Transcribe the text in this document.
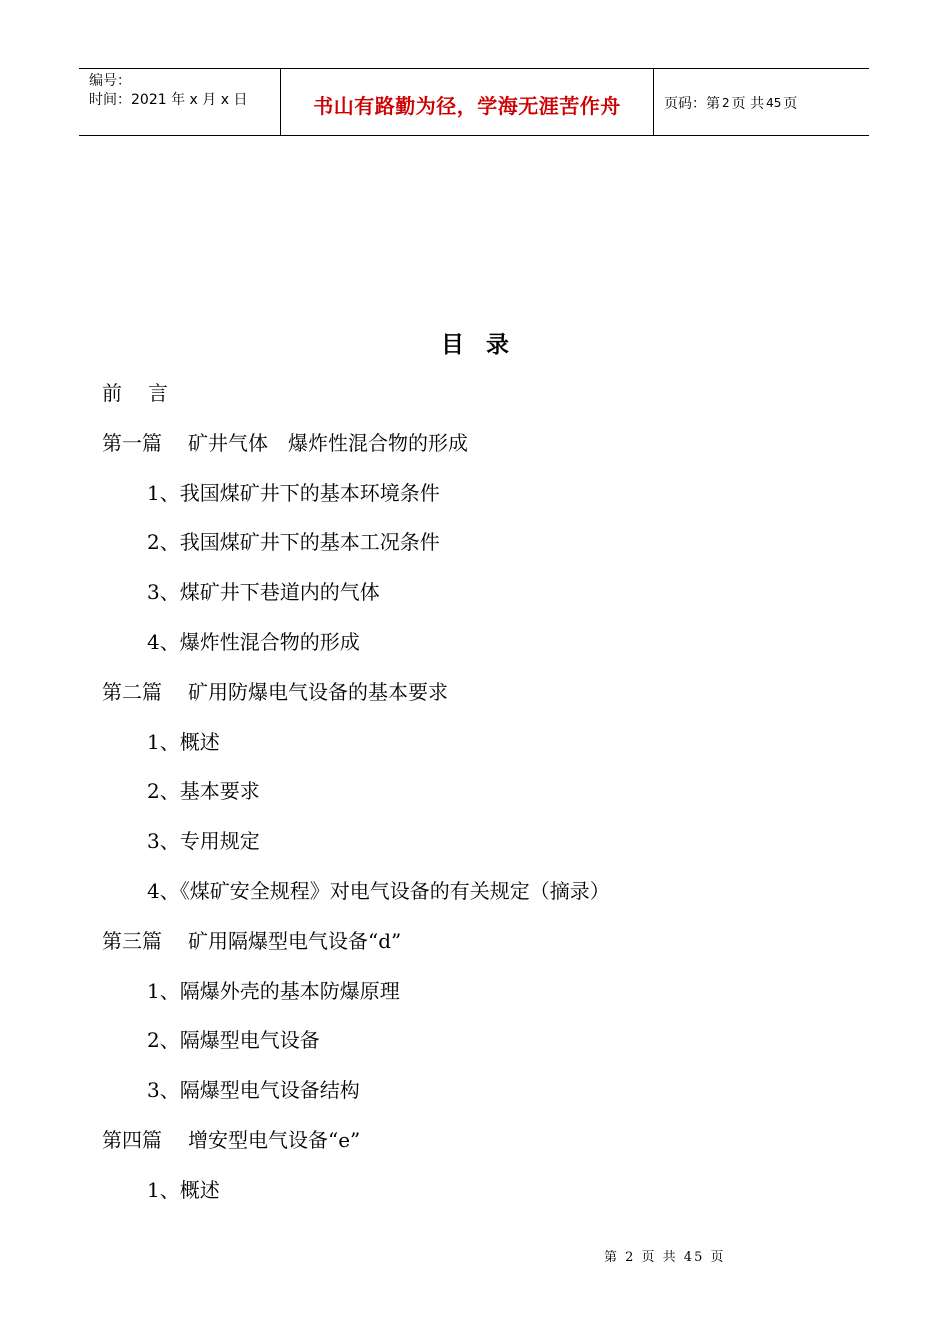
编号：
时间：2021 年 x 月 x 日	书山有路勤为径，学海无涯苦作舟	页码：第 2 页 共 45 页
目录
前 言
第一篇 矿井气体　爆炸性混合物的形成
1、我国煤矿井下的基本环境条件
2、我国煤矿井下的基本工况条件
3、煤矿井下巷道内的气体
4、爆炸性混合物的形成
第二篇 矿用防爆电气设备的基本要求
1、概述
2、基本要求
3、专用规定
4、《煤矿安全规程》对电气设备的有关规定（摘录）
第三篇 矿用隔爆型电气设备“d”
1、隔爆外壳的基本防爆原理
2、隔爆型电气设备
3、隔爆型电气设备结构
第四篇 增安型电气设备“e”
1、概述
第 2 页 共 45 页
